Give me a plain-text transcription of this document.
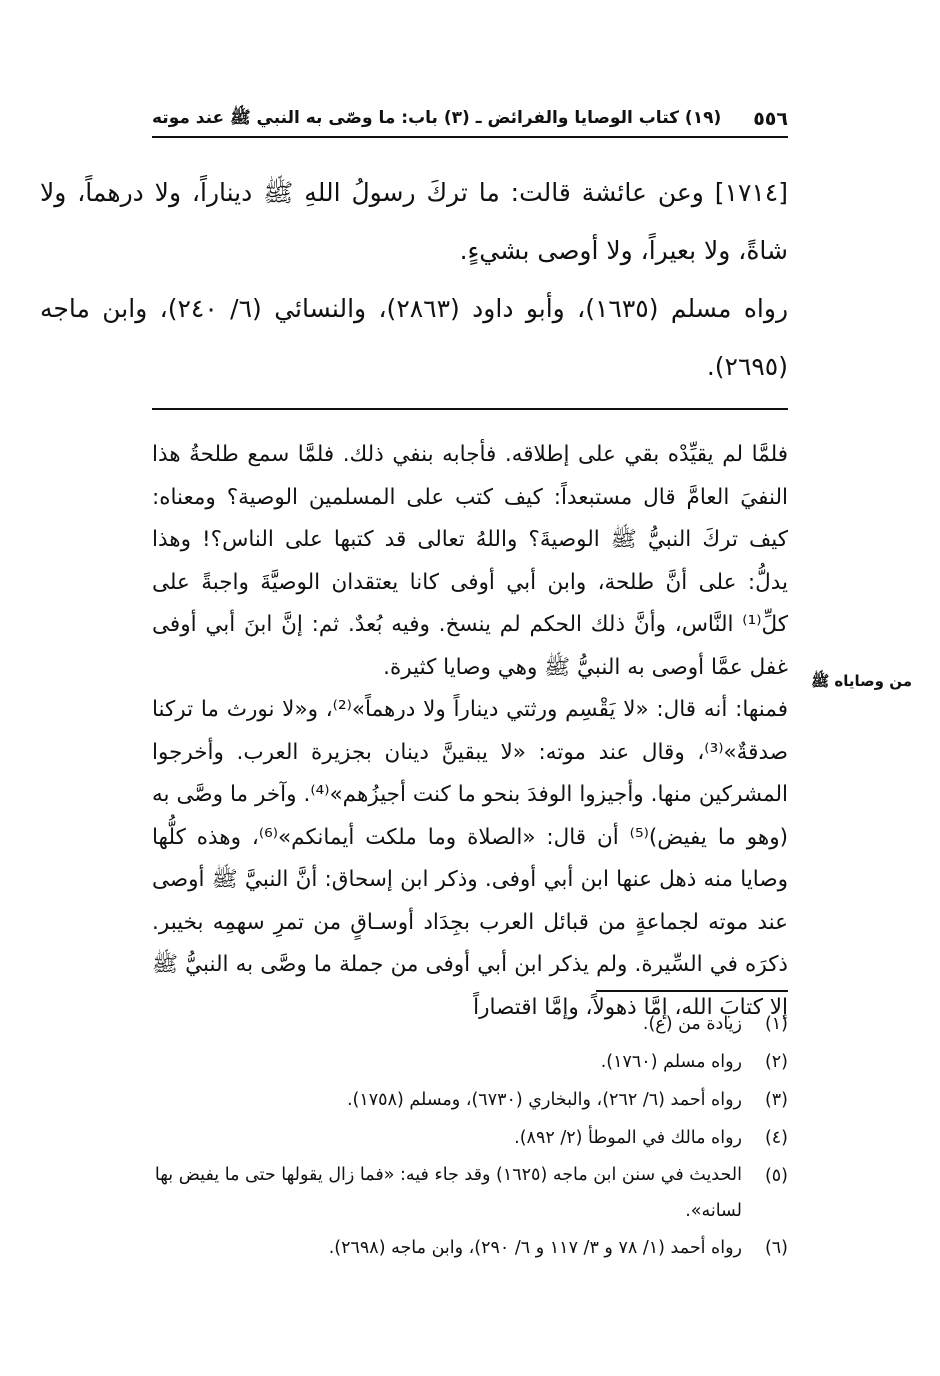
٥٥٦
(١٩) كتاب الوصايا والفرائض ـ (٣) باب: ما وصّى به النبي ﷺ عند موته

[١٧١٤] وعن عائشة قالت: ما تركَ رسولُ اللهِ ﷺ ديناراً، ولا درهماً، ولا شاةً، ولا بعيراً، ولا أوصى بشيءٍ.

رواه مسلم (١٦٣٥)، وأبو داود (٢٨٦٣)، والنسائي (٦/ ٢٤٠)، وابن ماجه (٢٦٩٥).

فلمَّا لم يقيِّدْه بقي على إطلاقه. فأجابه بنفي ذلك. فلمَّا سمع طلحةُ هذا النفيَ العامَّ قال مستبعداً: كيف كتب على المسلمين الوصية؟ ومعناه: كيف تركَ النبيُّ ﷺ الوصيةَ؟ واللهُ تعالى قد كتبها على الناس؟! وهذا يدلُّ: على أنَّ طلحة، وابن أبي أوفى كانا يعتقدان الوصيَّةَ واجبةً على كلِّ⁽¹⁾ النَّاس، وأنَّ ذلك الحكم لم ينسخ. وفيه بُعدٌ. ثم: إنَّ ابنَ أبي أوفى غفل عمَّا أوصى به النبيُّ ﷺ وهي وصايا كثيرة.

فمنها: أنه قال: «لا يَقْسِم ورثتي ديناراً ولا درهماً»⁽²⁾، و«لا نورث ما تركنا صدقةٌ»⁽³⁾، وقال عند موته: «لا يبقينَّ دينان بجزيرة العرب. وأخرجوا المشركين منها. وأجيزوا الوفدَ بنحو ما كنت أجيزُهم»⁽⁴⁾. وآخر ما وصَّى به (وهو ما يفيض)⁽⁵⁾ أن قال: «الصلاة وما ملكت أيمانكم»⁽⁶⁾، وهذه كلُّها وصايا منه ذهل عنها ابن أبي أوفى. وذكر ابن إسحاق: أنَّ النبيَّ ﷺ أوصى عند موته لجماعةٍ من قبائل العرب بجِدَاد أوسـاقٍ من تمرِ سهمِه بخيبر. ذكرَه في السِّيرة. ولم يذكر ابن أبي أوفى من جملة ما وصَّى به النبيُّ ﷺ إلا كتابَ الله، إمَّا ذهولاً، وإمَّا اقتصاراً

من وصاياه ﷺ
(١)
زيادة من (ع).
(٢)
رواه مسلم (١٧٦٠).
(٣)
رواه أحمد (٦/ ٢٦٢)، والبخاري (٦٧٣٠)، ومسلم (١٧٥٨).
(٤)
رواه مالك في الموطأ (٢/ ٨٩٢).
(٥)
الحديث في سنن ابن ماجه (١٦٢٥) وقد جاء فيه: «فما زال يقولها حتى ما يفيض بها لسانه».
(٦)
رواه أحمد (١/ ٧٨ و ٣/ ١١٧ و ٦/ ٢٩٠)، وابن ماجه (٢٦٩٨).
